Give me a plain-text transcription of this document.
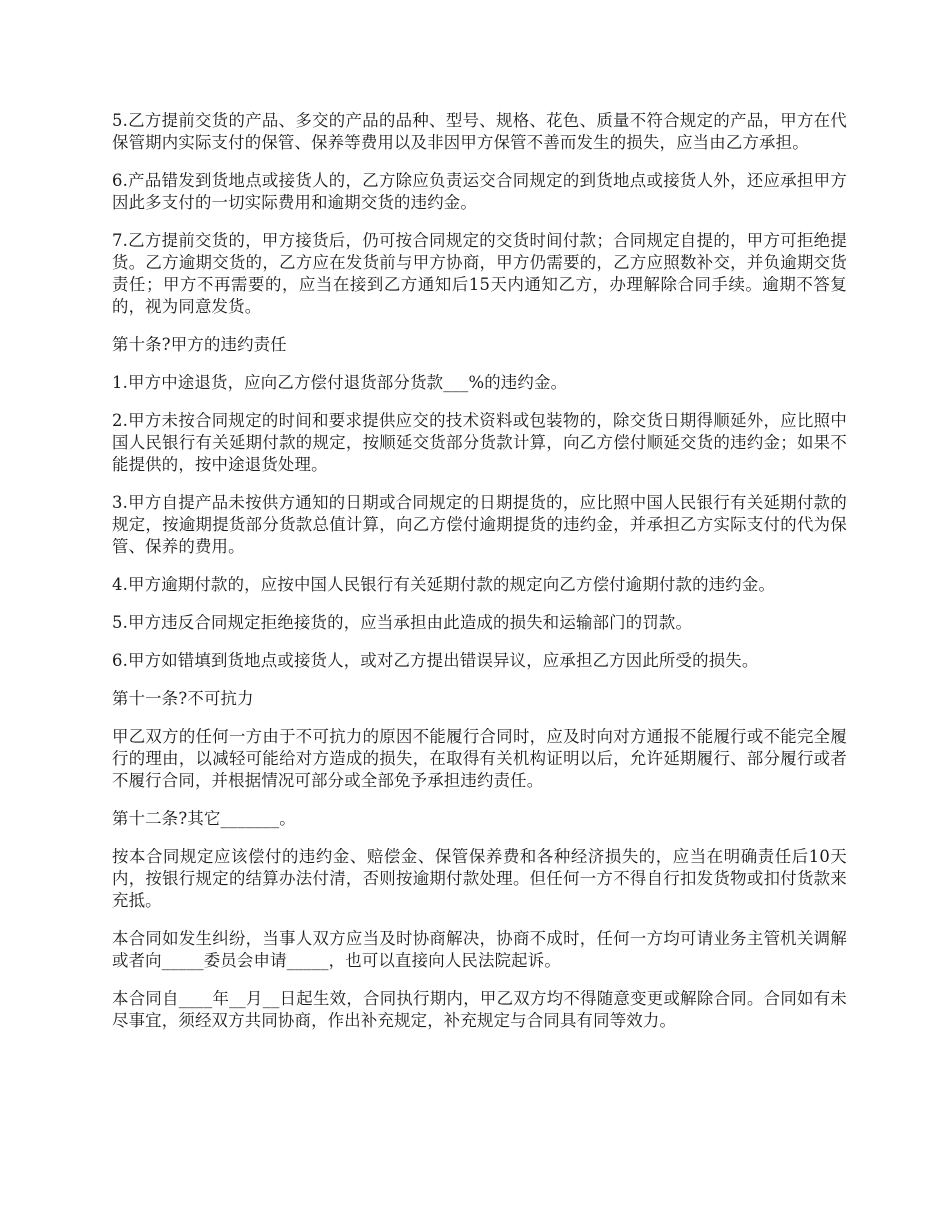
5.乙方提前交货的产品、多交的产品的品种、型号、规格、花色、质量不符合规定的产品，甲方在代保管期内实际支付的保管、保养等费用以及非因甲方保管不善而发生的损失，应当由乙方承担。

6.产品错发到货地点或接货人的，乙方除应负责运交合同规定的到货地点或接货人外，还应承担甲方因此多支付的一切实际费用和逾期交货的违约金。

7.乙方提前交货的，甲方接货后，仍可按合同规定的交货时间付款；合同规定自提的，甲方可拒绝提货。乙方逾期交货的，乙方应在发货前与甲方协商，甲方仍需要的，乙方应照数补交，并负逾期交货责任；甲方不再需要的，应当在接到乙方通知后15天内通知乙方，办理解除合同手续。逾期不答复的，视为同意发货。

第十条?甲方的违约责任

1.甲方中途退货，应向乙方偿付退货部分货款___%的违约金。

2.甲方未按合同规定的时间和要求提供应交的技术资料或包装物的，除交货日期得顺延外，应比照中国人民银行有关延期付款的规定，按顺延交货部分货款计算，向乙方偿付顺延交货的违约金；如果不能提供的，按中途退货处理。

3.甲方自提产品未按供方通知的日期或合同规定的日期提货的，应比照中国人民银行有关延期付款的规定，按逾期提货部分货款总值计算，向乙方偿付逾期提货的违约金，并承担乙方实际支付的代为保管、保养的费用。

4.甲方逾期付款的，应按中国人民银行有关延期付款的规定向乙方偿付逾期付款的违约金。

5.甲方违反合同规定拒绝接货的，应当承担由此造成的损失和运输部门的罚款。

6.甲方如错填到货地点或接货人，或对乙方提出错误异议，应承担乙方因此所受的损失。

第十一条?不可抗力

甲乙双方的任何一方由于不可抗力的原因不能履行合同时，应及时向对方通报不能履行或不能完全履行的理由，以减轻可能给对方造成的损失，在取得有关机构证明以后，允许延期履行、部分履行或者不履行合同，并根据情况可部分或全部免予承担违约责任。

第十二条?其它_______。

按本合同规定应该偿付的违约金、赔偿金、保管保养费和各种经济损失的，应当在明确责任后10天内，按银行规定的结算办法付清，否则按逾期付款处理。但任何一方不得自行扣发货物或扣付货款来充抵。

本合同如发生纠纷，当事人双方应当及时协商解决，协商不成时，任何一方均可请业务主管机关调解或者向_____委员会申请_____，也可以直接向人民法院起诉。

本合同自____年__月__日起生效，合同执行期内，甲乙双方均不得随意变更或解除合同。合同如有未尽事宜，须经双方共同协商，作出补充规定，补充规定与合同具有同等效力。
